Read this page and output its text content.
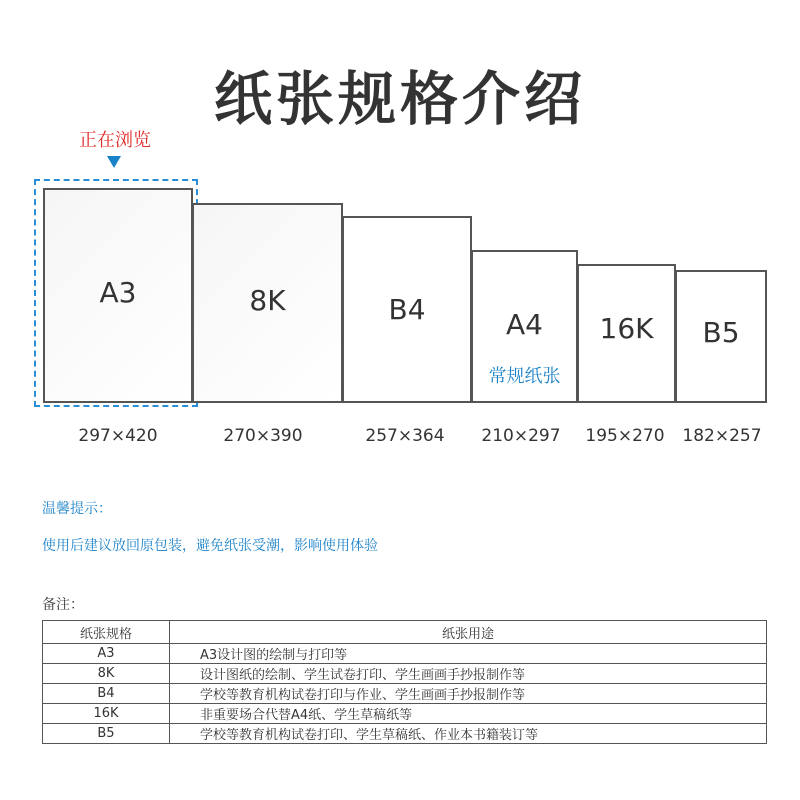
纸张规格介绍
正在浏览
A3	8K	B4	A4
常规纸张
16K	B5
297×420	270×390	257×364	210×297	195×270	182×257
温馨提示：
使用后建议放回原包装，避免纸张受潮，影响使用体验
备注：
纸张规格	纸张用途
A3	A3设计图的绘制与打印等
8K	设计图纸的绘制、学生试卷打印、学生画画手抄报制作等
B4	学校等教育机构试卷打印与作业、学生画画手抄报制作等
16K	非重要场合代替A4纸、学生草稿纸等
B5	学校等教育机构试卷打印、学生草稿纸、作业本书籍装订等
